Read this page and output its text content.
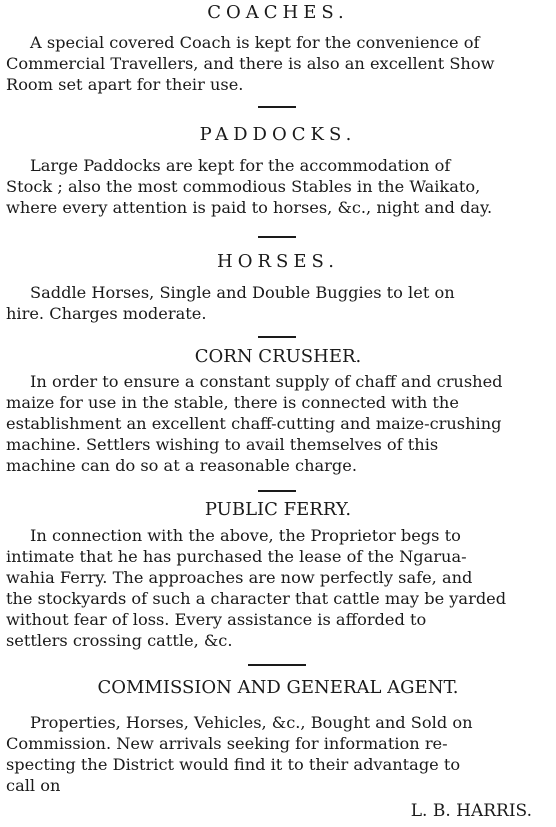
COACHES.

A special covered Coach is kept for the convenience of
Commercial Travellers, and there is also an excellent Show
Room set apart for their use.

PADDOCKS.

Large Paddocks are kept for the accommodation of
Stock ; also the most commodious Stables in the Waikato,
where every attention is paid to horses, &c., night and day.

HORSES.

Saddle Horses, Single and Double Buggies to let on
hire. Charges moderate.

CORN CRUSHER.

In order to ensure a constant supply of chaff and crushed
maize for use in the stable, there is connected with the
establishment an excellent chaff-cutting and maize-crushing
machine. Settlers wishing to avail themselves of this
machine can do so at a reasonable charge.

PUBLIC FERRY.

In connection with the above, the Proprietor begs to
intimate that he has purchased the lease of the Ngarua-
wahia Ferry. The approaches are now perfectly safe, and
the stockyards of such a character that cattle may be yarded
without fear of loss. Every assistance is afforded to
settlers crossing cattle, &c.

COMMISSION AND GENERAL AGENT.

Properties, Horses, Vehicles, &c., Bought and Sold on
Commission. New arrivals seeking for information re-
specting the District would find it to their advantage to
call on

L. B. HARRIS.
